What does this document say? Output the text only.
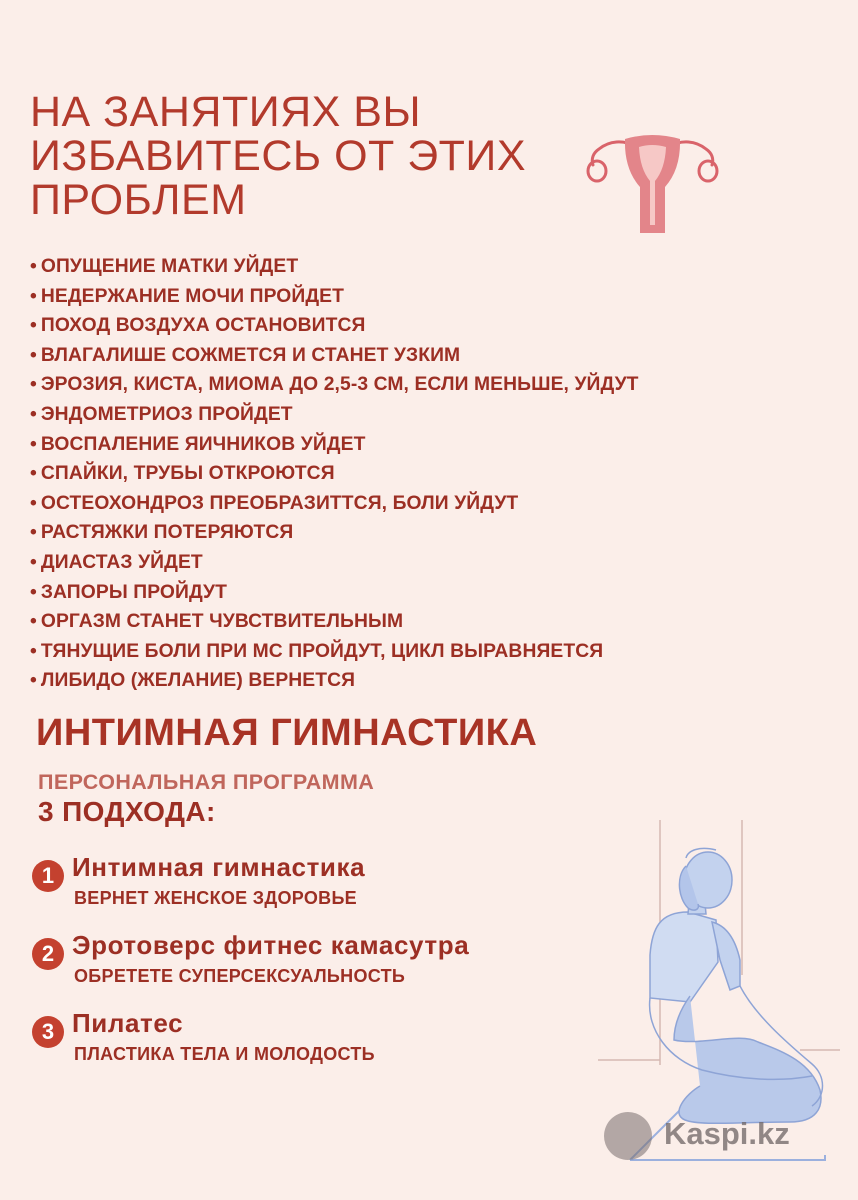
НА ЗАНЯТИЯХ ВЫ
ИЗБАВИТЕСЬ ОТ ЭТИХ
ПРОБЛЕМ
• ОПУЩЕНИЕ МАТКИ УЙДЕТ
• НЕДЕРЖАНИЕ МОЧИ ПРОЙДЕТ
• ПОХОД ВОЗДУХА ОСТАНОВИТСЯ
• ВЛАГАЛИШЕ СОЖМЕТСЯ И СТАНЕТ УЗКИМ
• ЭРОЗИЯ, КИСТА, МИОМА ДО 2,5-3 СМ, ЕСЛИ МЕНЬШЕ, УЙДУТ
• ЭНДОМЕТРИОЗ ПРОЙДЕТ
• ВОСПАЛЕНИЕ ЯИЧНИКОВ УЙДЕТ
• СПАЙКИ, ТРУБЫ ОТКРОЮТСЯ
• ОСТЕОХОНДРОЗ ПРЕОБРАЗИТТСЯ, БОЛИ УЙДУТ
• РАСТЯЖКИ ПОТЕРЯЮТСЯ
• ДИАСТАЗ УЙДЕТ
• ЗАПОРЫ ПРОЙДУТ
• ОРГАЗМ СТАНЕТ ЧУВСТВИТЕЛЬНЫМ
• ТЯНУЩИЕ БОЛИ ПРИ МС ПРОЙДУТ, ЦИКЛ ВЫРАВНЯЕТСЯ
• ЛИБИДО (ЖЕЛАНИЕ) ВЕРНЕТСЯ
ИНТИМНАЯ ГИМНАСТИКА
ПЕРСОНАЛЬНАЯ ПРОГРАММА
3 ПОДХОДА:
1 Интимная гимнастика
ВЕРНЕТ ЖЕНСКОЕ ЗДОРОВЬЕ
2 Эротоверс фитнес камасутра
ОБРЕТЕТЕ СУПЕРСЕКСУАЛЬНОСТЬ
3 Пилатес
ПЛАСТИКА ТЕЛА И МОЛОДОСТЬ
Kaspi.kz
